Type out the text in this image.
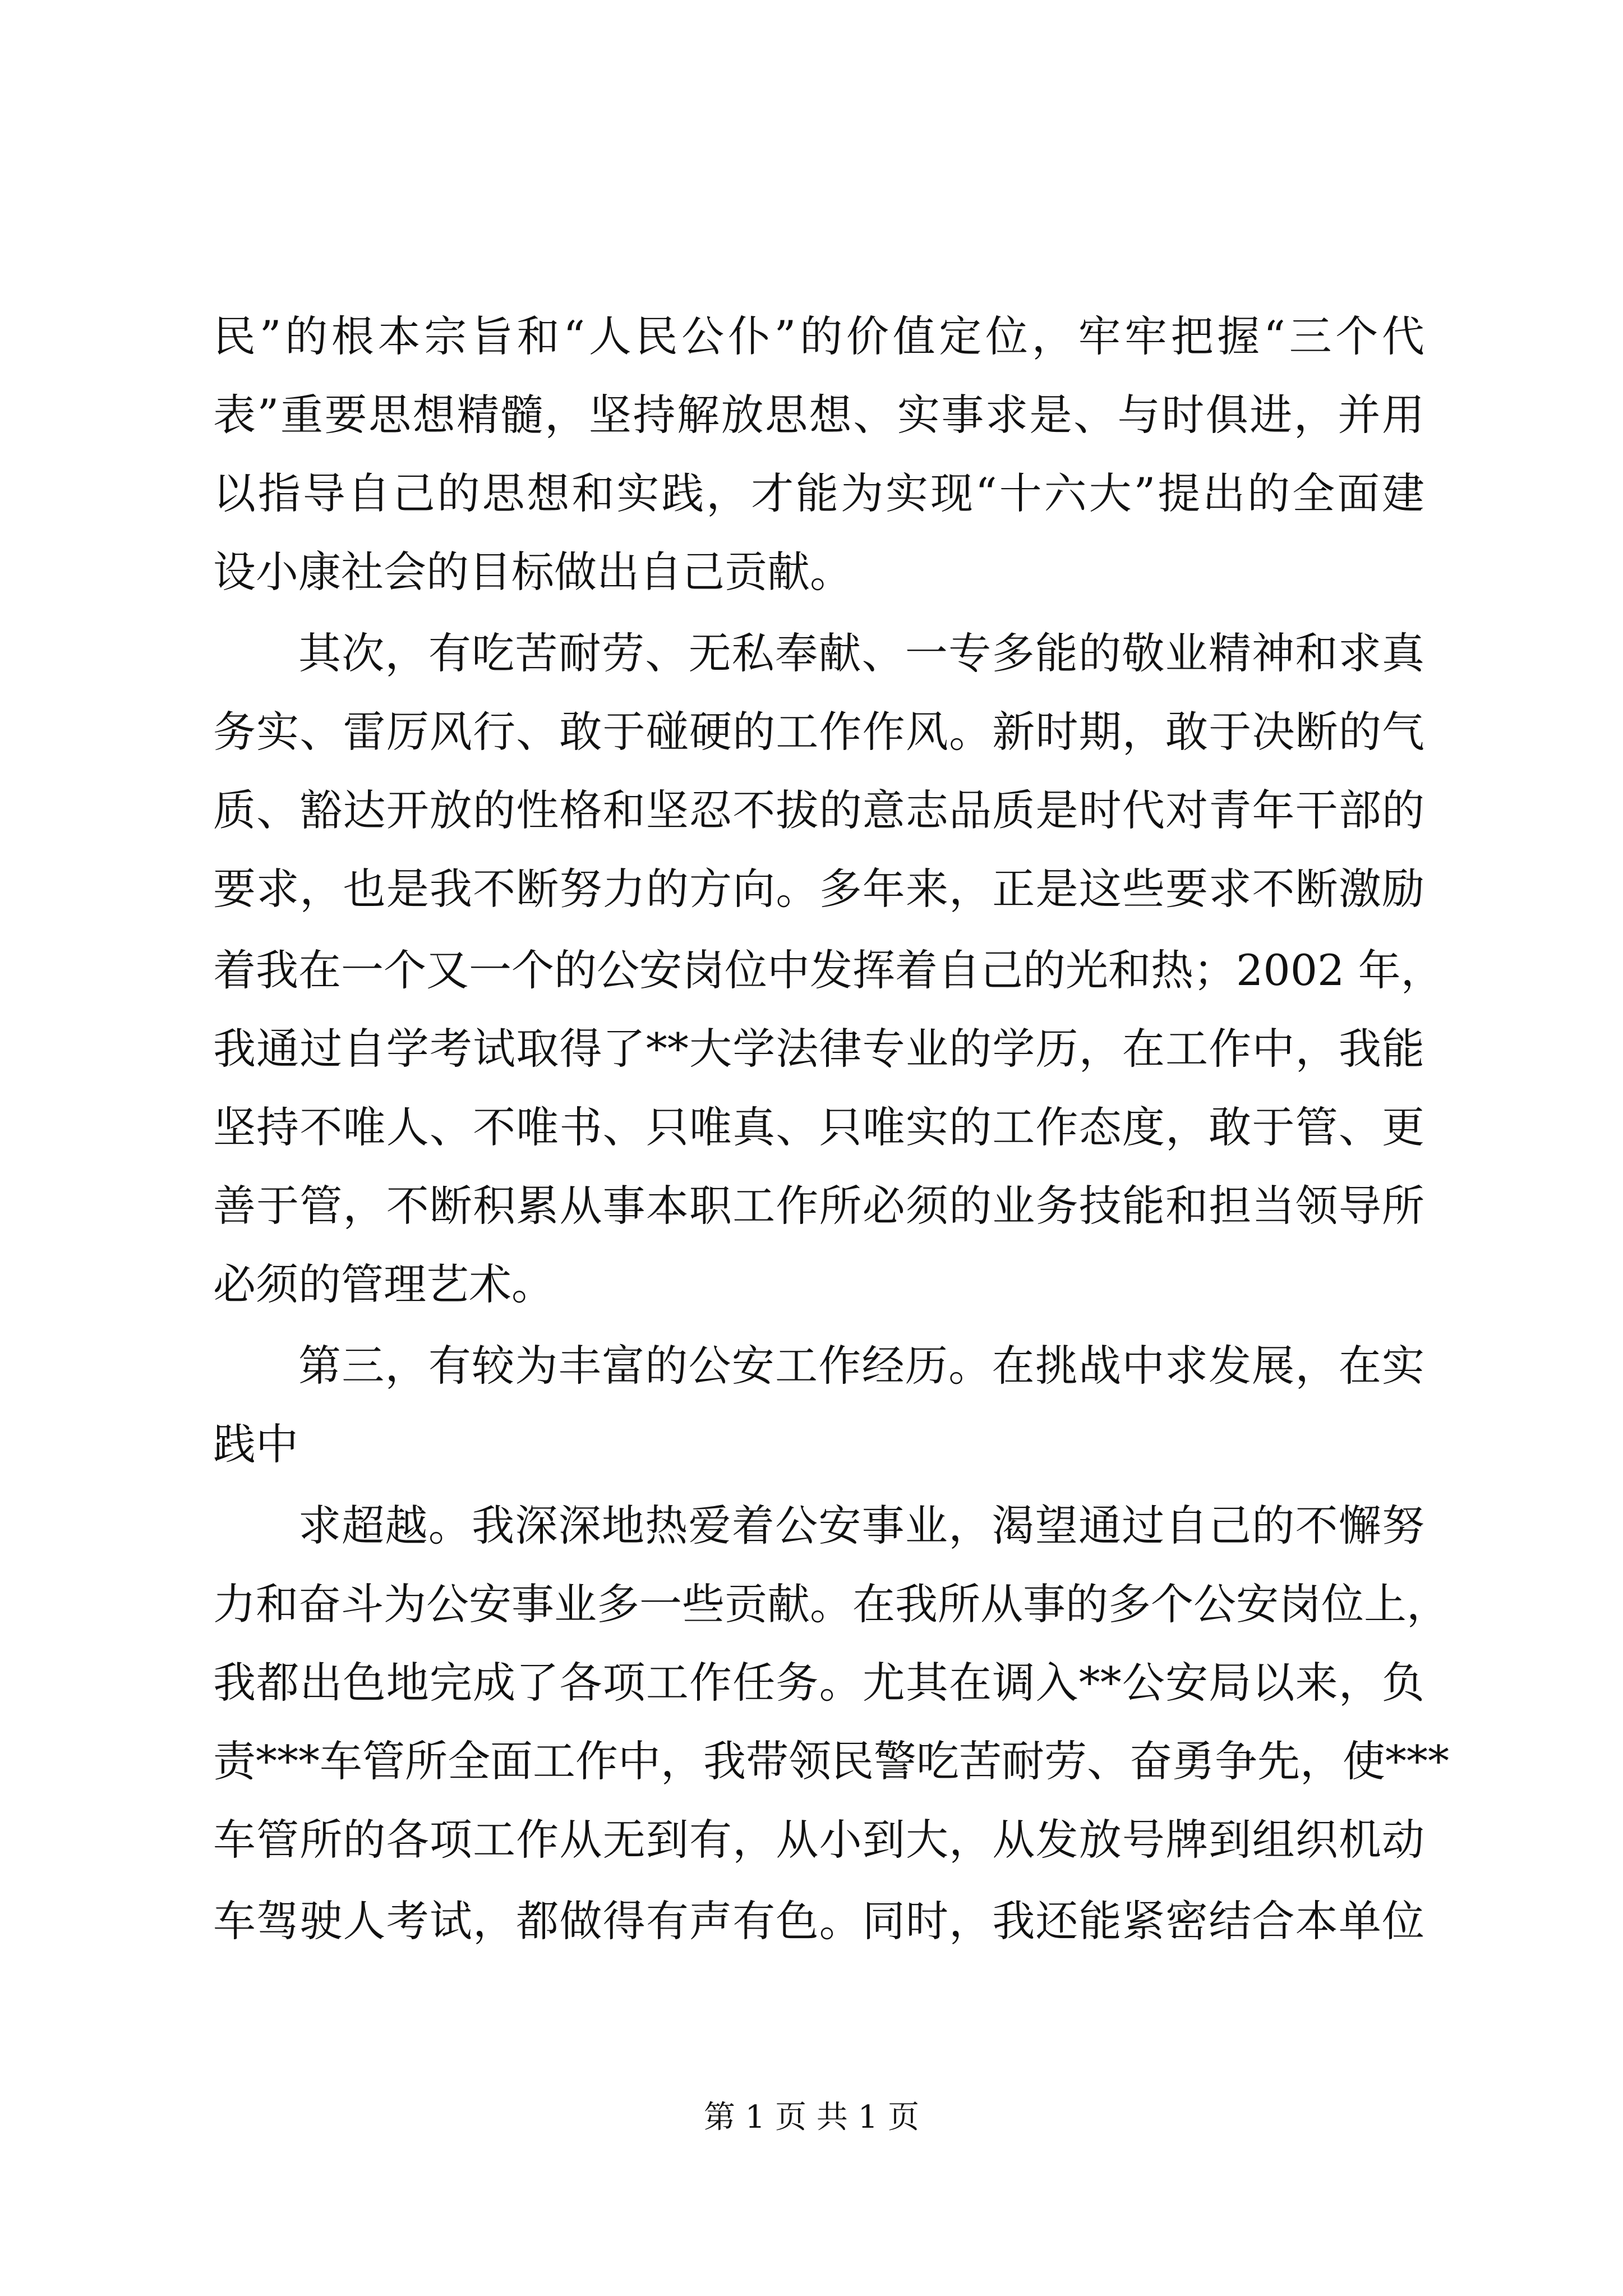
民”的根本宗旨和“人民公仆”的价值定位，牢牢把握“三个代
表”重要思想精髓，坚持解放思想、实事求是、与时俱进，并用
以指导自己的思想和实践，才能为实现“十六大”提出的全面建
设小康社会的目标做出自己贡献。
其次，有吃苦耐劳、无私奉献、一专多能的敬业精神和求真
务实、雷厉风行、敢于碰硬的工作作风。新时期，敢于决断的气
质、豁达开放的性格和坚忍不拔的意志品质是时代对青年干部的
要求，也是我不断努力的方向。多年来，正是这些要求不断激励
着我在一个又一个的公安岗位中发挥着自己的光和热；2002 年，
我通过自学考试取得了**大学法律专业的学历，在工作中，我能
坚持不唯人、不唯书、只唯真、只唯实的工作态度，敢于管、更
善于管，不断积累从事本职工作所必须的业务技能和担当领导所
必须的管理艺术。
第三，有较为丰富的公安工作经历。在挑战中求发展，在实
践中
求超越。我深深地热爱着公安事业，渴望通过自己的不懈努
力和奋斗为公安事业多一些贡献。在我所从事的多个公安岗位上，
我都出色地完成了各项工作任务。尤其在调入**公安局以来，负
责***车管所全面工作中，我带领民警吃苦耐劳、奋勇争先，使***
车管所的各项工作从无到有，从小到大，从发放号牌到组织机动
车驾驶人考试，都做得有声有色。同时，我还能紧密结合本单位
第 1 页 共 1 页
